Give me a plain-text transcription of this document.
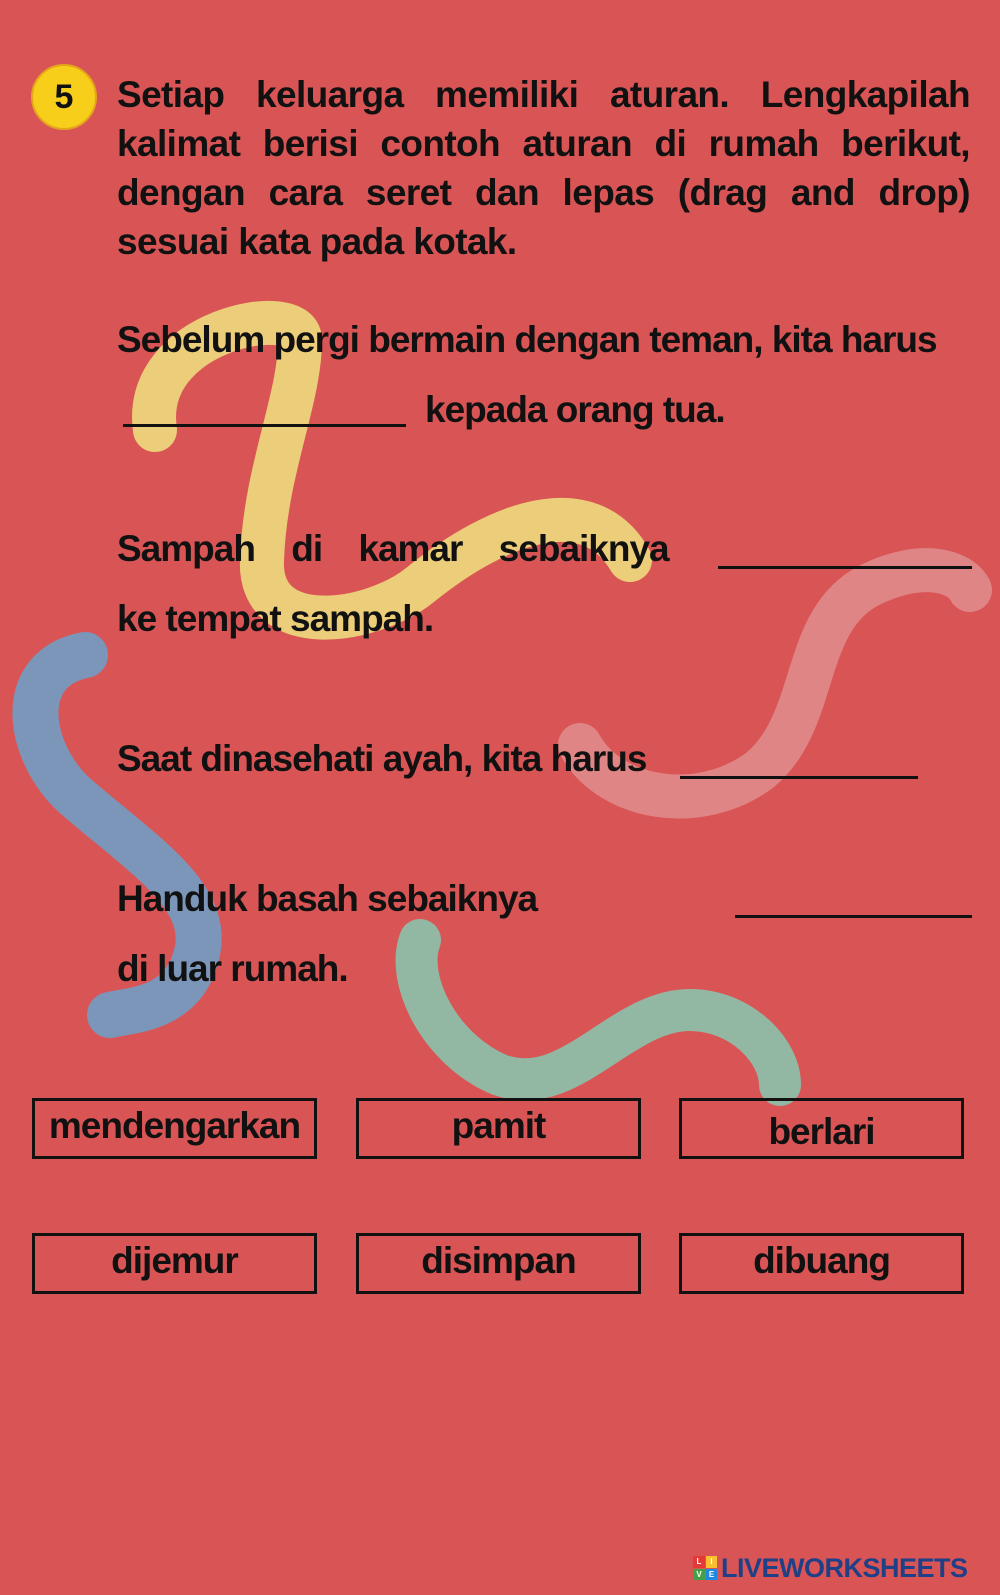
5	Setiap keluarga memiliki aturan. Lengkapilah kalimat berisi contoh aturan di rumah berikut, dengan cara seret dan lepas (drag and drop) sesuai kata pada kotak.
Sebelum pergi bermain dengan teman, kita harus
kepada orang tua.
Sampah di kamar sebaiknya
ke tempat sampah.
Saat dinasehati ayah, kita harus
Handuk basah sebaiknya
di luar rumah.
mendengarkan	pamit	berlari
dijemur	disimpan	dibuang
L	I
V E LIVEWORKSHEETS
